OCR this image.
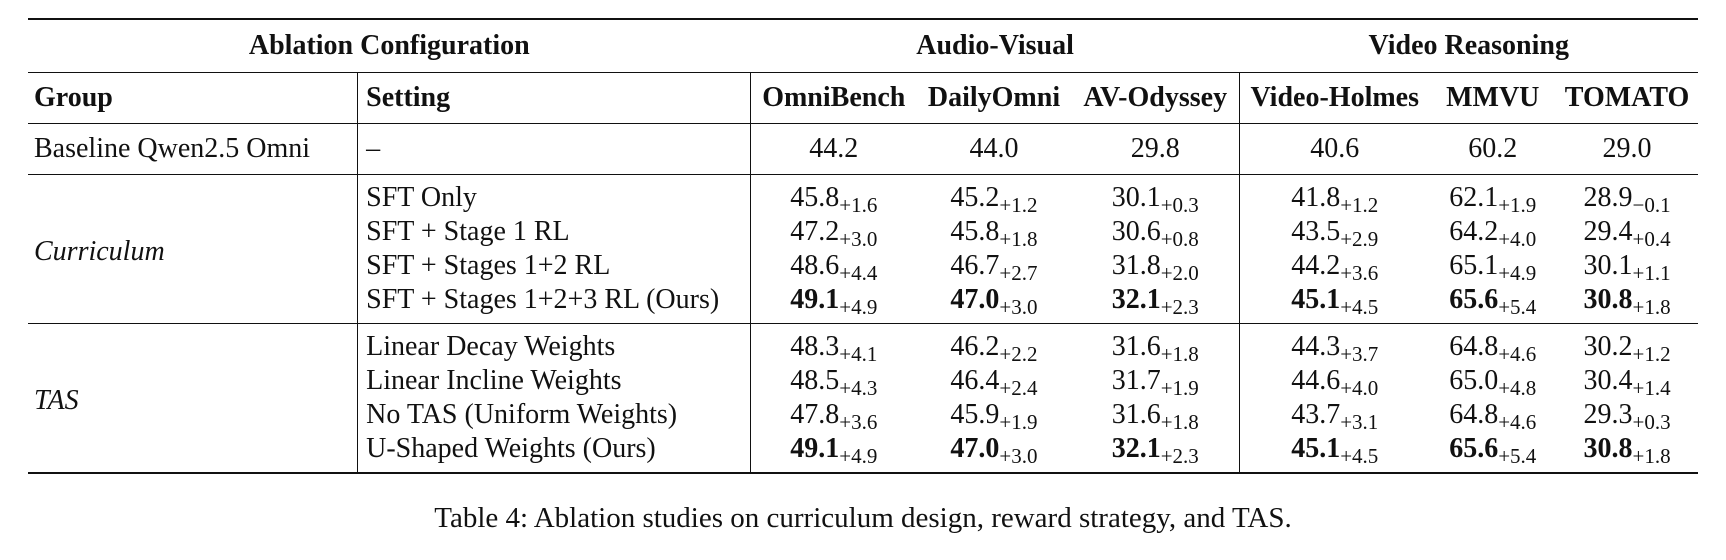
Ablation Configuration		Audio-Visual			Video Reasoning		
Group	Setting	OmniBench	DailyOmni	AV-Odyssey	Video-Holmes	MMVU	TOMATO
Baseline Qwen2.5 Omni	–	44.2	44.0	29.8	40.6	60.2	29.0
Curriculum	SFT Only	$45.8_{+1.6}$	$45.2_{+1.2}$	$30.1_{+0.3}$	$41.8_{+1.2}$	$62.1_{+1.9}$	$28.9_{-0.1}$
	SFT + Stage 1 RL	$47.2_{+3.0}$	$45.8_{+1.8}$	$30.6_{+0.8}$	$43.5_{+2.9}$	$64.2_{+4.0}$	$29.4_{+0.4}$
	SFT + Stages 1+2 RL	$48.6_{+4.4}$	$46.7_{+2.7}$	$31.8_{+2.0}$	$44.2_{+3.6}$	$65.1_{+4.9}$	$30.1_{+1.1}$
	SFT + Stages 1+2+3 RL (Ours)	$49.1_{+4.9}$	$47.0_{+3.0}$	$32.1_{+2.3}$	$45.1_{+4.5}$	$65.6_{+5.4}$	$30.8_{+1.8}$
TAS	Linear Decay Weights	$48.3_{+4.1}$	$46.2_{+2.2}$	$31.6_{+1.8}$	$44.3_{+3.7}$	$64.8_{+4.6}$	$30.2_{+1.2}$
	Linear Incline Weights	$48.5_{+4.3}$	$46.4_{+2.4}$	$31.7_{+1.9}$	$44.6_{+4.0}$	$65.0_{+4.8}$	$30.4_{+1.4}$
	No TAS (Uniform Weights)	$47.8_{+3.6}$	$45.9_{+1.9}$	$31.6_{+1.8}$	$43.7_{+3.1}$	$64.8_{+4.6}$	$29.3_{+0.3}$
	U-Shaped Weights (Ours)	$49.1_{+4.9}$	$47.0_{+3.0}$	$32.1_{+2.3}$	$45.1_{+4.5}$	$65.6_{+5.4}$	$30.8_{+1.8}$
Table 4: Ablation studies on curriculum design, reward strategy, and TAS.
